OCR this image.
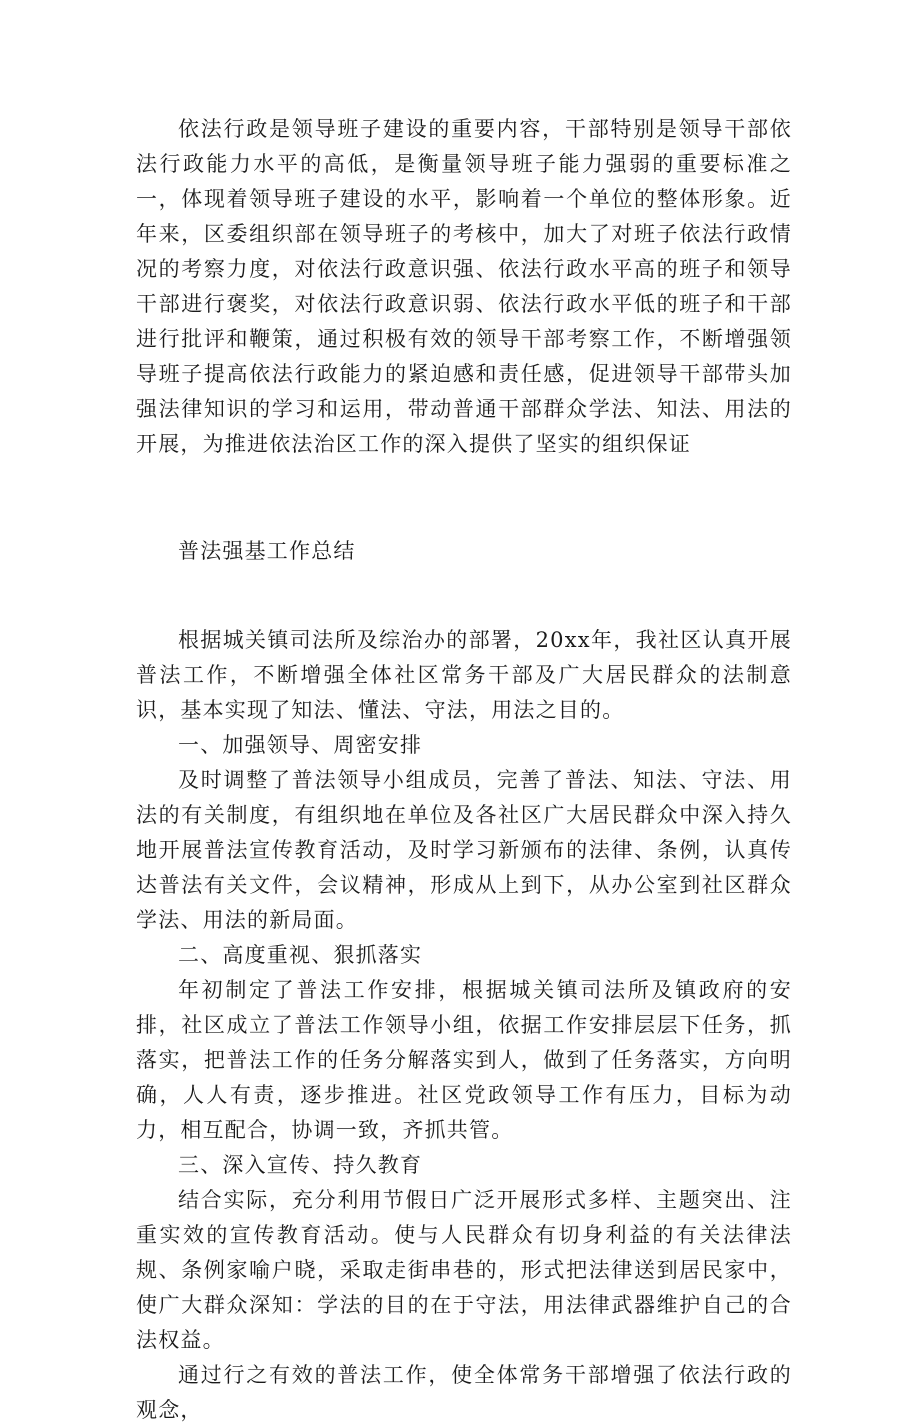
依法行政是领导班子建设的重要内容，干部特别是领导干部依法行政能力水平的高低，是衡量领导班子能力强弱的重要标准之一，体现着领导班子建设的水平，影响着一个单位的整体形象。近年来，区委组织部在领导班子的考核中，加大了对班子依法行政情况的考察力度，对依法行政意识强、依法行政水平高的班子和领导干部进行褒奖，对依法行政意识弱、依法行政水平低的班子和干部进行批评和鞭策，通过积极有效的领导干部考察工作，不断增强领导班子提高依法行政能力的紧迫感和责任感，促进领导干部带头加强法律知识的学习和运用，带动普通干部群众学法、知法、用法的开展，为推进依法治区工作的深入提供了坚实的组织保证

普法强基工作总结

根据城关镇司法所及综治办的部署，20xx年，我社区认真开展普法工作，不断增强全体社区常务干部及广大居民群众的法制意识，基本实现了知法、懂法、守法，用法之目的。

一、加强领导、周密安排

及时调整了普法领导小组成员，完善了普法、知法、守法、用法的有关制度，有组织地在单位及各社区广大居民群众中深入持久地开展普法宣传教育活动，及时学习新颁布的法律、条例，认真传达普法有关文件，会议精神，形成从上到下，从办公室到社区群众学法、用法的新局面。

二、高度重视、狠抓落实

年初制定了普法工作安排，根据城关镇司法所及镇政府的安排，社区成立了普法工作领导小组，依据工作安排层层下任务，抓落实，把普法工作的任务分解落实到人，做到了任务落实，方向明确，人人有责，逐步推进。社区党政领导工作有压力，目标为动力，相互配合，协调一致，齐抓共管。

三、深入宣传、持久教育

结合实际，充分利用节假日广泛开展形式多样、主题突出、注重实效的宣传教育活动。使与人民群众有切身利益的有关法律法规、条例家喻户晓，采取走街串巷的，形式把法律送到居民家中，使广大群众深知：学法的目的在于守法，用法律武器维护自己的合法权益。

通过行之有效的普法工作，使全体常务干部增强了依法行政的观念，
